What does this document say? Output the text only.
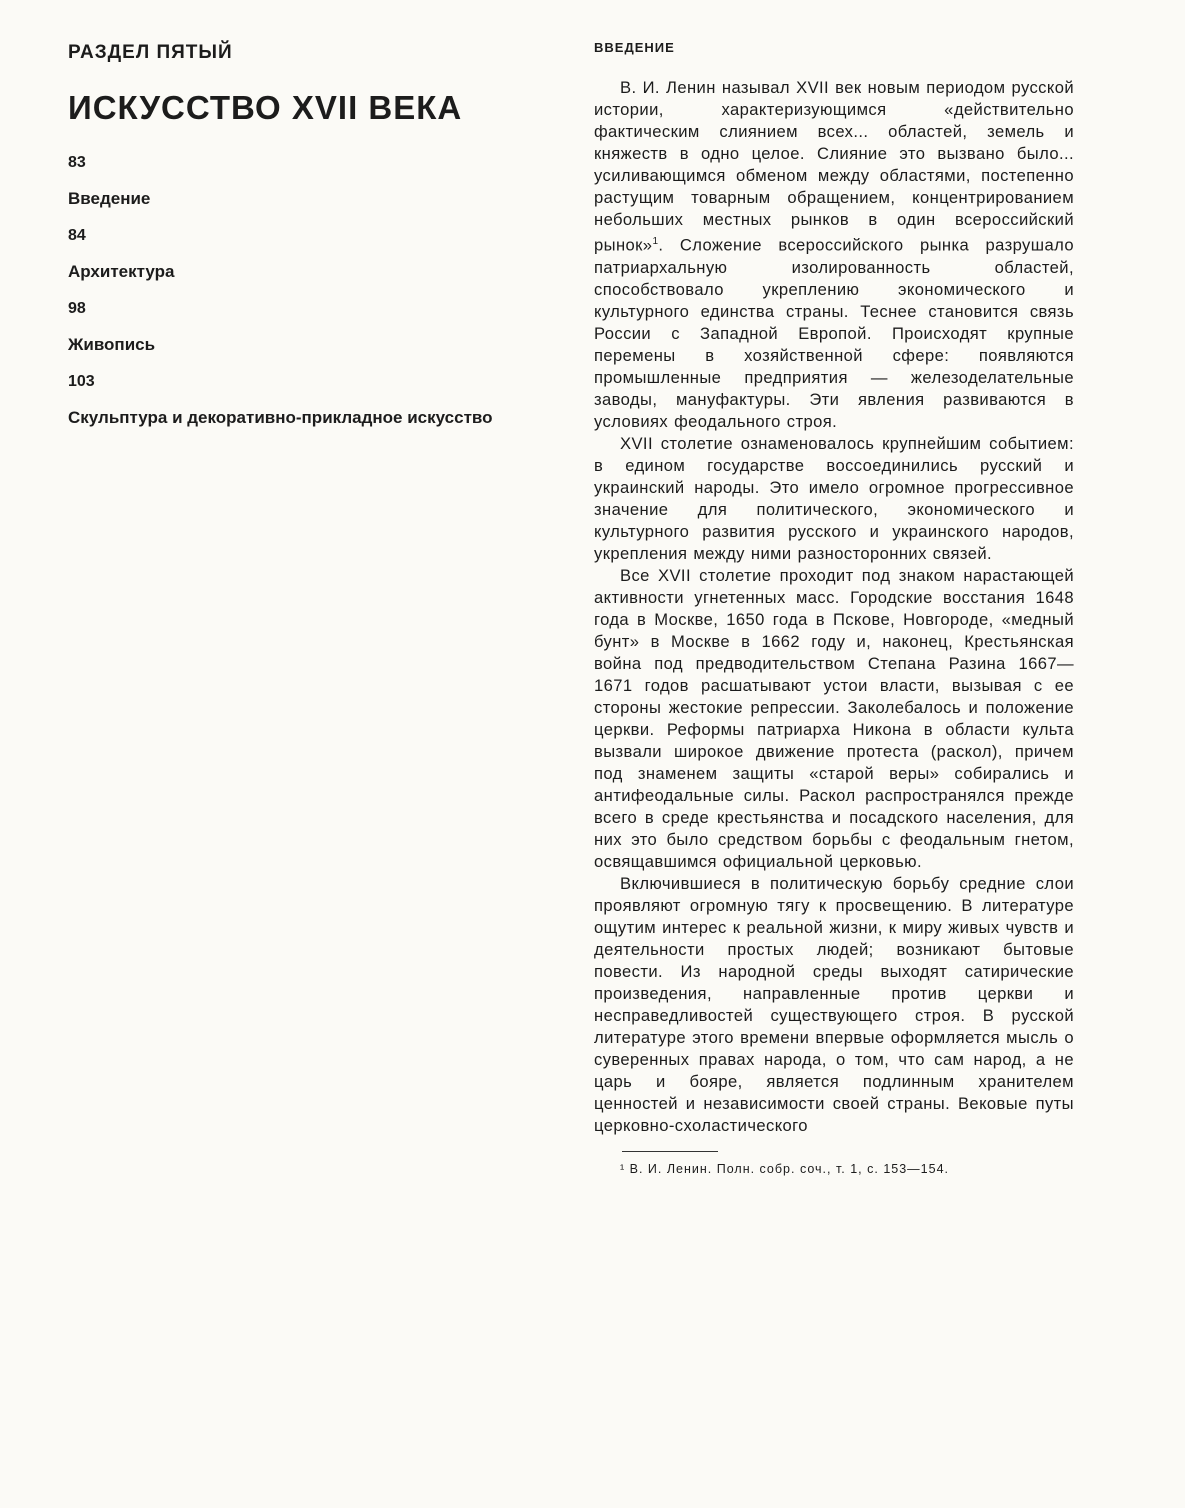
РАЗДЕЛ ПЯТЫЙ
ИСКУССТВО XVII ВЕКА
83
Введение
84
Архитектура
98
Живопись
103
Скульптура и декоративно-прикладное искусство
ВВЕДЕНИЕ

В. И. Ленин называл XVII век новым периодом русской истории, характеризующимся «действительно фактическим слиянием всех... областей, земель и княжеств в одно целое. Слияние это вызвано было... усиливающимся обменом между областями, постепенно растущим товарным обращением, концентрированием небольших местных рынков в один всероссийский рынок»$^1$. Сложение всероссийского рынка разрушало патриархальную изолированность областей, способствовало укреплению экономического и культурного единства страны. Теснее становится связь России с Западной Европой. Происходят крупные перемены в хозяйственной сфере: появляются промышленные предприятия — железоделательные заводы, мануфактуры. Эти явления развиваются в условиях феодального строя.

XVII столетие ознаменовалось крупнейшим событием: в едином государстве воссоединились русский и украинский народы. Это имело огромное прогрессивное значение для политического, экономического и культурного развития русского и украинского народов, укрепления между ними разносторонних связей.

Все XVII столетие проходит под знаком нарастающей активности угнетенных масс. Городские восстания 1648 года в Москве, 1650 года в Пскове, Новгороде, «медный бунт» в Москве в 1662 году и, наконец, Крестьянская война под предводительством Степана Разина 1667—1671 годов расшатывают устои власти, вызывая с ее стороны жестокие репрессии. Заколебалось и положение церкви. Реформы патриарха Никона в области культа вызвали широкое движение протеста (раскол), причем под знаменем защиты «старой веры» собирались и антифеодальные силы. Раскол распространялся прежде всего в среде крестьянства и посадского населения, для них это было средством борьбы с феодальным гнетом, освящавшимся официальной церковью.

Включившиеся в политическую борьбу средние слои проявляют огромную тягу к просвещению. В литературе ощутим интерес к реальной жизни, к миру живых чувств и деятельности простых людей; возникают бытовые повести. Из народной среды выходят сатирические произведения, направленные против церкви и несправедливостей существующего строя. В русской литературе этого времени впервые оформляется мысль о суверенных правах народа, о том, что сам народ, а не царь и бояре, является подлинным хранителем ценностей и независимости своей страны. Вековые путы церковно-схоластического

¹ В. И. Ленин. Полн. собр. соч., т. 1, с. 153—154.
